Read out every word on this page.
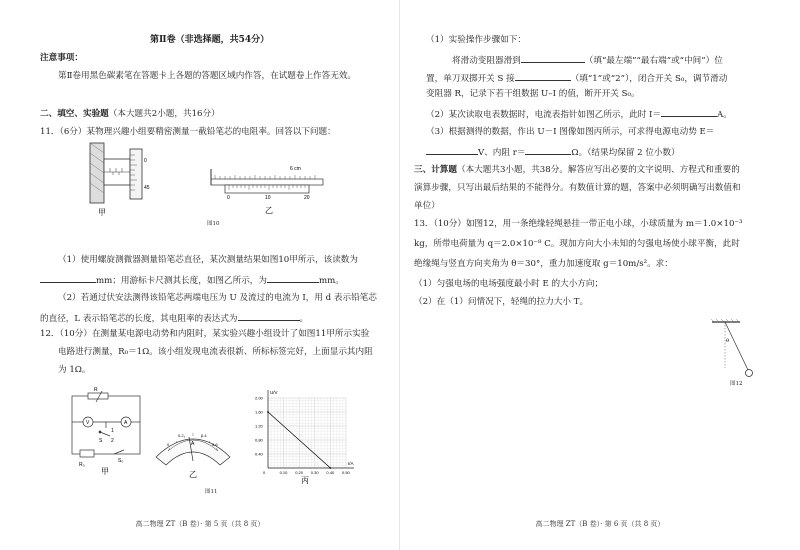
第Ⅱ卷（非选择题，共54分）
注意事项：
第Ⅱ卷用黑色碳素笔在答题卡上各题的答题区域内作答，在试题卷上作答无效。
二、填空、实验题（本大题共2小题，共16分）
11．（6分）某物理兴趣小组要精密测量一截铅笔芯的电阻率。回答以下问题：
0
45
甲
6 cm
0	10	20
乙
图10
（1）使用螺旋测微器测量铅笔芯直径，某次测量结果如图10甲所示，该读数为
mm；用游标卡尺测其长度，如图乙所示，为	mm。
（2）若通过伏安法测得该铅笔芯两端电压为 U 及流过的电流为 I，用 d 表示铅笔芯
的直径，L 表示铅笔芯的长度，其电阻率的表达式为	。
12．（10分）在测量某电源电动势和内阻时，某实验兴趣小组设计了如图11甲所示实验
电路进行测量，R₀＝1Ω。该小组发现电流表很新、所标标签完好，上面显示其内阻
为 1Ω。
R
V	A
1
S 2
R₀
S₀
甲
0
0.2	0.4
0.6
A
乙
I/A
U/V
0	0.10 0.20 0.30 0.40 0.50
0.40
0.80
1.20
1.60
2.00
丙
图11
高二物理 ZT（B 卷）· 第 5 页（共 8 页）
（1）实验操作步骤如下：
将滑动变阻器滑到	（填“最左端”“最右端”或“中间”）位
置，单刀双掷开关 S 接	（填“1”或“2”），闭合开关 S₀，调节滑动
变阻器 R，记录下若干组数据 U–I 的值，断开开关 S₀。
（2）某次读取电表数据时，电流表指针如图乙所示，此时 I＝	A。
（3）根据测得的数据，作出 U－I 图像如图丙所示，可求得电源电动势 E＝
V、内阻 r＝	Ω。（结果均保留 2 位小数）
三、计算题（本大题共3小题，共38分。解答应写出必要的文字说明、方程式和重要的
演算步骤，只写出最后结果的不能得分。有数值计算的题，答案中必须明确写出数值和
单位）
13．（10分）如图12，用一条绝缘轻绳悬挂一带正电小球，小球质量为 m＝1.0×10⁻³
kg，所带电荷量为 q＝2.0×10⁻⁸ C。现加方向大小未知的匀强电场使小球平衡，此时
绝缘绳与竖直方向夹角为 θ＝30°，重力加速度取 g＝10m/s²。求：
（1）匀强电场的电场强度最小时 E 的大小方向；
（2）在（1）问情况下，轻绳的拉力大小 T。
θ
图12
高二物理 ZT（B 卷）· 第 6 页（共 8 页）
